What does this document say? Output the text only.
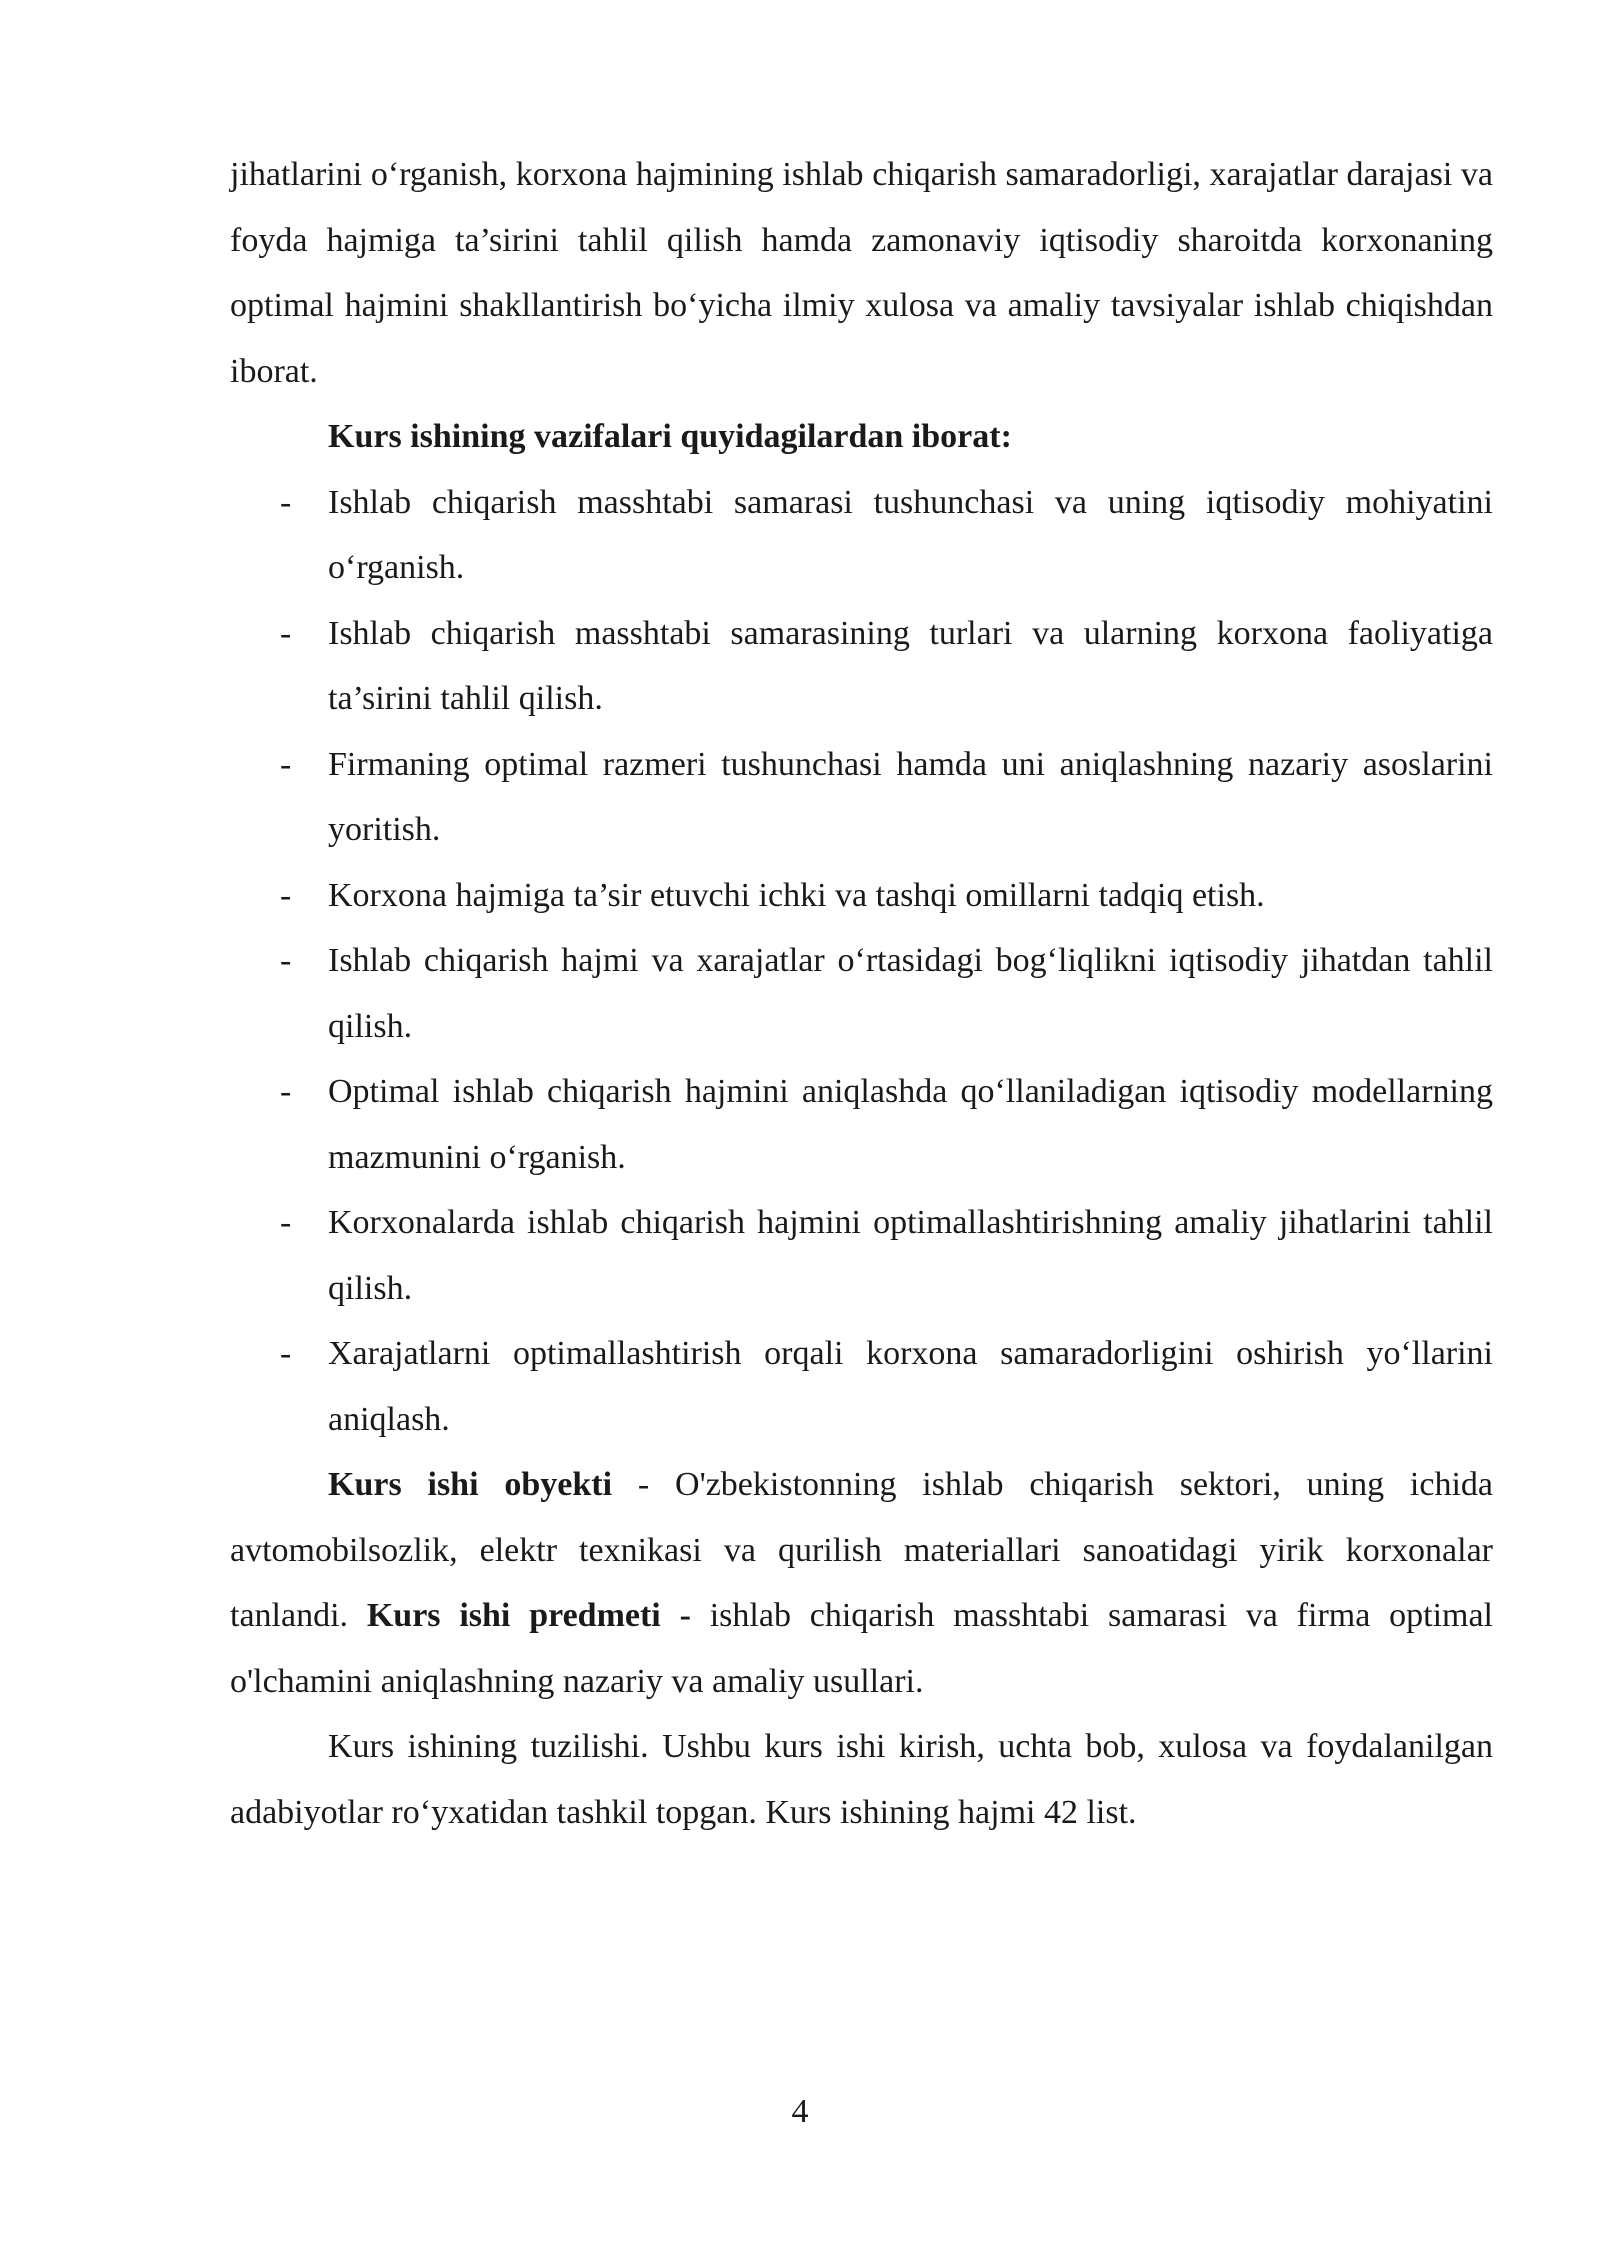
jihatlarini o‘rganish, korxona hajmining ishlab chiqarish samaradorligi, xarajatlar darajasi va foyda hajmiga ta’sirini tahlil qilish hamda zamonaviy iqtisodiy sharoitda korxonaning optimal hajmini shakllantirish bo‘yicha ilmiy xulosa va amaliy tavsiyalar ishlab chiqishdan iborat.

Kurs ishining vazifalari quyidagilardan iborat:

- Ishlab chiqarish masshtabi samarasi tushunchasi va uning iqtisodiy mohiyatini o‘rganish.
- Ishlab chiqarish masshtabi samarasining turlari va ularning korxona faoliyatiga ta’sirini tahlil qilish.
- Firmaning optimal razmeri tushunchasi hamda uni aniqlashning nazariy asoslarini yoritish.
- Korxona hajmiga ta’sir etuvchi ichki va tashqi omillarni tadqiq etish.
- Ishlab chiqarish hajmi va xarajatlar o‘rtasidagi bog‘liqlikni iqtisodiy jihatdan tahlil qilish.
- Optimal ishlab chiqarish hajmini aniqlashda qo‘llaniladigan iqtisodiy modellarning mazmunini o‘rganish.
- Korxonalarda ishlab chiqarish hajmini optimallashtirishning amaliy jihatlarini tahlil qilish.
- Xarajatlarni optimallashtirish orqali korxona samaradorligini oshirish yo‘llarini aniqlash.

Kurs ishi obyekti - O'zbekistonning ishlab chiqarish sektori, uning ichida avtomobilsozlik, elektr texnikasi va qurilish materiallari sanoatidagi yirik korxonalar tanlandi. Kurs ishi predmeti - ishlab chiqarish masshtabi samarasi va firma optimal o'lchamini aniqlashning nazariy va amaliy usullari.

Kurs ishining tuzilishi. Ushbu kurs ishi kirish, uchta bob, xulosa va foydalanilgan adabiyotlar ro‘yxatidan tashkil topgan. Kurs ishining hajmi 42 list.

4
